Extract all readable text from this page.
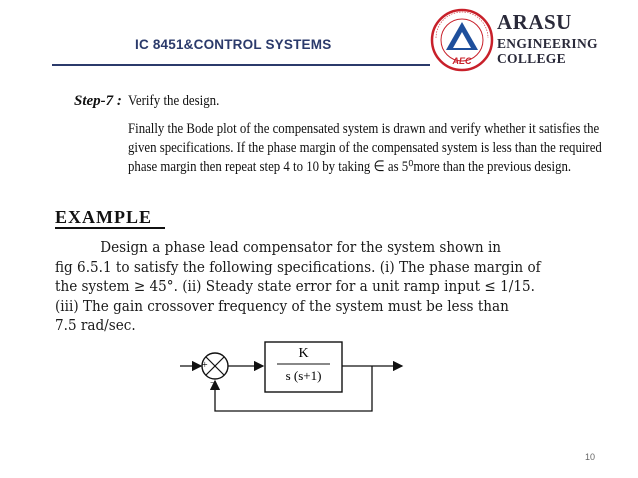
IC 8451&CONTROL SYSTEMS
AEC
ARASU
ENGINEERING
COLLEGE
Step-7 : Verify the design.
Finally the Bode plot of the compensated system is drawn and verify whether it satisfies the
given specifications. If the phase margin of the compensated system is less than the required
phase margin then repeat step 4 to 10 by taking ∈ as 5⁰more than the previous design.
EXAMPLE
Design a phase lead compensator for the system shown in
fig 6.5.1 to satisfy the following specifications. (i) The phase margin of
the system ≥ 45°. (ii) Steady state error for a unit ramp input ≤ 1/15.
(iii) The gain crossover frequency of the system must be less than
7.5 rad/sec.
+
−
K
s (s+1)
10
